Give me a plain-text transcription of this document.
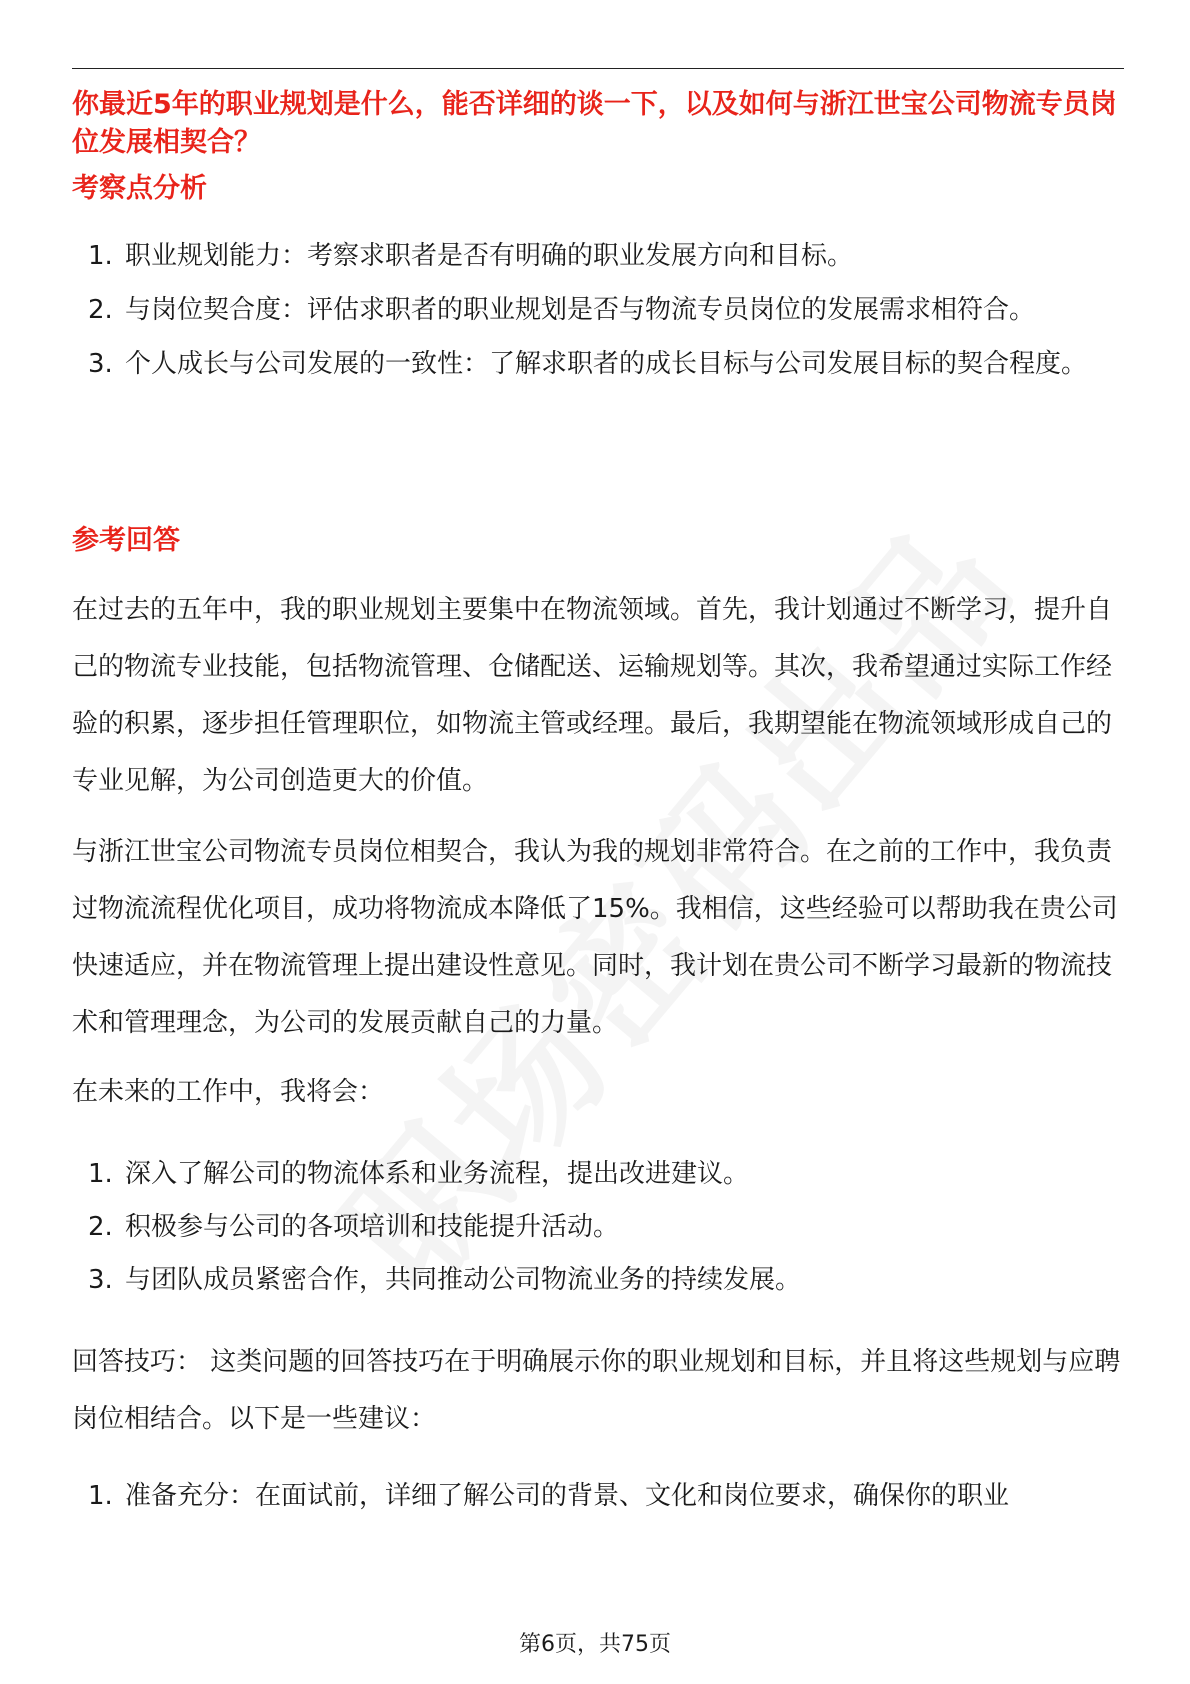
你最近5年的职业规划是什么，能否详细的谈一下，以及如何与浙江世宝公司物流专员岗位发展相契合？
考察点分析
1. 职业规划能力：考察求职者是否有明确的职业发展方向和目标。
2. 与岗位契合度：评估求职者的职业规划是否与物流专员岗位的发展需求相符合。
3. 个人成长与公司发展的一致性：了解求职者的成长目标与公司发展目标的契合程度。
参考回答

在过去的五年中，我的职业规划主要集中在物流领域。首先，我计划通过不断学习，提升自己的物流专业技能，包括物流管理、仓储配送、运输规划等。其次，我希望通过实际工作经验的积累，逐步担任管理职位，如物流主管或经理。最后，我期望能在物流领域形成自己的专业见解，为公司创造更大的价值。

与浙江世宝公司物流专员岗位相契合，我认为我的规划非常符合。在之前的工作中，我负责过物流流程优化项目，成功将物流成本降低了15%。我相信，这些经验可以帮助我在贵公司快速适应，并在物流管理上提出建设性意见。同时，我计划在贵公司不断学习最新的物流技术和管理理念，为公司的发展贡献自己的力量。

在未来的工作中，我将会：

1. 深入了解公司的物流体系和业务流程，提出改进建议。
2. 积极参与公司的各项培训和技能提升活动。
3. 与团队成员紧密合作，共同推动公司物流业务的持续发展。

回答技巧： 这类问题的回答技巧在于明确展示你的职业规划和目标，并且将这些规划与应聘岗位相结合。以下是一些建议：

1. 准备充分：在面试前，详细了解公司的背景、文化和岗位要求，确保你的职业
第6页，共75页
